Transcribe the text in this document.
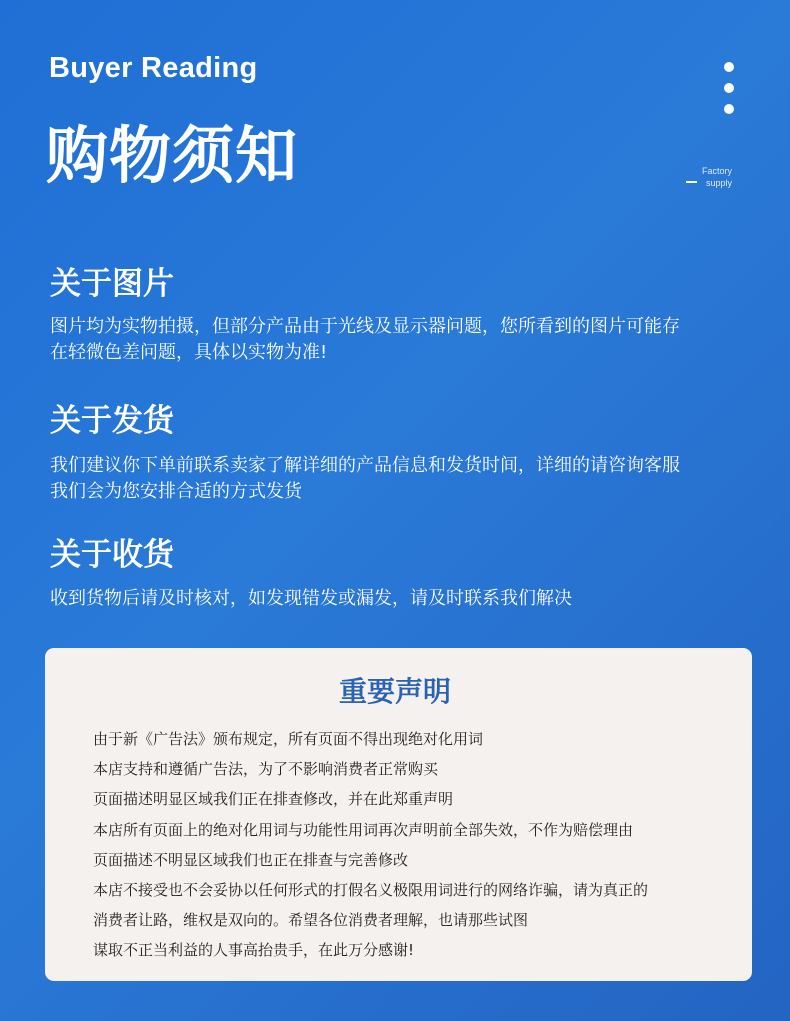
Buyer Reading
购物须知	Factory
supply
关于图片

图片均为实物拍摄，但部分产品由于光线及显示器问题，您所看到的图片可能存

在轻微色差问题，具体以实物为准!

关于发货

我们建议你下单前联系卖家了解详细的产品信息和发货时间，详细的请咨询客服

我们会为您安排合适的方式发货

关于收货

收到货物后请及时核对，如发现错发或漏发，请及时联系我们解决

重要声明
由于新《广告法》颁布规定，所有页面不得出现绝对化用词
本店支持和遵循广告法，为了不影响消费者正常购买
页面描述明显区域我们正在排查修改，并在此郑重声明
本店所有页面上的绝对化用词与功能性用词再次声明前全部失效，不作为赔偿理由
页面描述不明显区域我们也正在排查与完善修改
本店不接受也不会妥协以任何形式的打假名义极限用词进行的网络诈骗，请为真正的
消费者让路，维权是双向的。希望各位消费者理解，也请那些试图
谋取不正当利益的人事高抬贵手，在此万分感谢!
